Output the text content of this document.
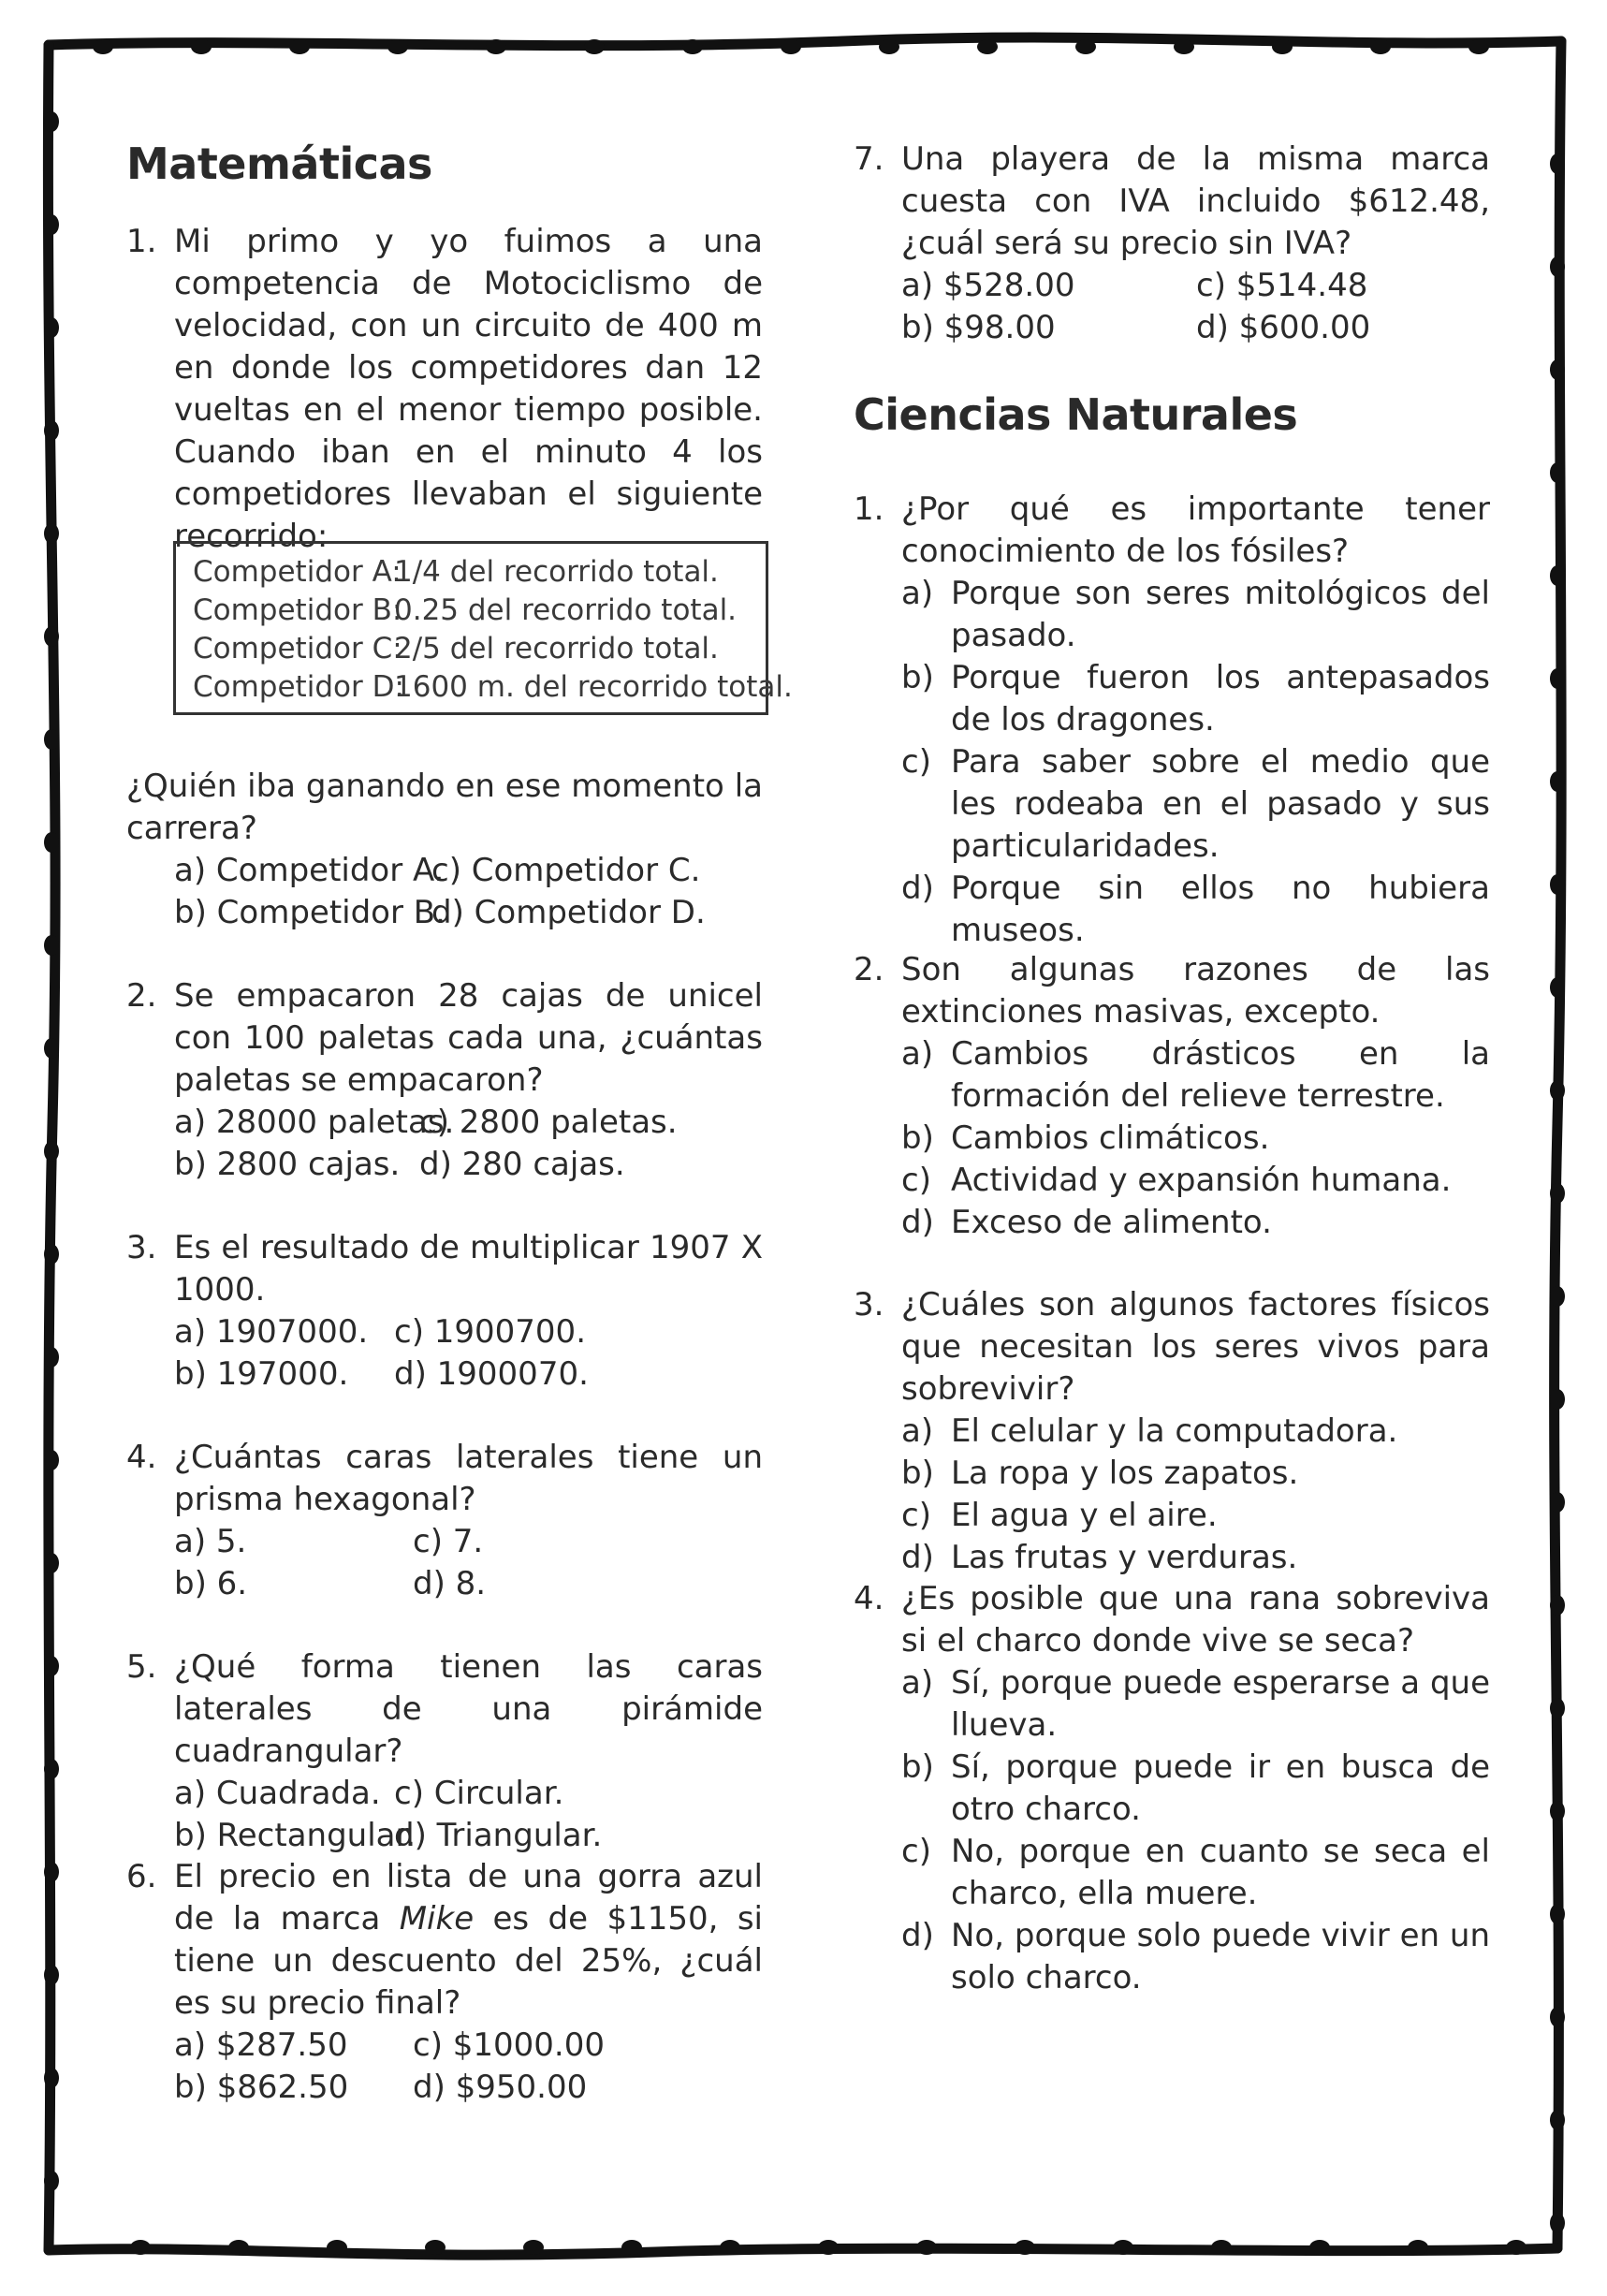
Matemáticas
1. Mi primo y yo fuimos a una competencia de Motociclismo de velocidad, con un circuito de 400 m en donde los competidores dan 12 vueltas en el menor tiempo posible. Cuando iban en el minuto 4 los competidores llevaban el siguiente recorrido:
Competidor A:1/4 del recorrido total.
Competidor B:0.25 del recorrido total.
Competidor C:2/5 del recorrido total.
Competidor D:1600 m. del recorrido total.
¿Quién iba ganando en ese momento la carrera?
a) Competidor A.
c) Competidor C.
b) Competidor B.
d) Competidor D.
2. Se empacaron 28 cajas de unicel con 100 paletas cada una, ¿cuántas paletas se empacaron?
a) 28000 paletas.
c) 2800 paletas.
b) 2800 cajas. d) 280 cajas.
3. Es el resultado de multiplicar 1907 X 1000.
a) 1907000. c) 1900700.
b) 197000.	d) 1900070.
4. ¿Cuántas caras laterales tiene un prisma hexagonal?
a) 5.	c) 7.
b) 6.	d) 8.
5. ¿Qué forma tienen las caras laterales de una pirámide cuadrangular?
a) Cuadrada. c) Circular.
b) Rectangular.
d) Triangular.
6. El precio en lista de una gorra azul de la marca Mike es de $1150, si tiene un descuento del 25%, ¿cuál es su precio final?
a) $287.50	c) $1000.00
b) $862.50	d) $950.00
7. Una playera de la misma marca cuesta con IVA incluido $612.48, ¿cuál será su precio sin IVA?
a) $528.00	c) $514.48
b) $98.00	d) $600.00
Ciencias Naturales
1. ¿Por qué es importante tener conocimiento de los fósiles?
a) Porque son seres mitológicos del pasado.
b) Porque fueron los antepasados de los dragones.
c) Para saber sobre el medio que les rodeaba en el pasado y sus particularidades.
d) Porque sin ellos no hubiera museos.
2. Son algunas razones de las extinciones masivas, excepto.
a) Cambios drásticos en la formación del relieve terrestre.
b) Cambios climáticos.
c) Actividad y expansión humana.
d) Exceso de alimento.
3. ¿Cuáles son algunos factores físicos que necesitan los seres vivos para sobrevivir?
a) El celular y la computadora.
b) La ropa y los zapatos.
c) El agua y el aire.
d) Las frutas y verduras.
4. ¿Es posible que una rana sobreviva si el charco donde vive se seca?
a) Sí, porque puede esperarse a que llueva.
b) Sí, porque puede ir en busca de otro charco.
c) No, porque en cuanto se seca el charco, ella muere.
d) No, porque solo puede vivir en un solo charco.
